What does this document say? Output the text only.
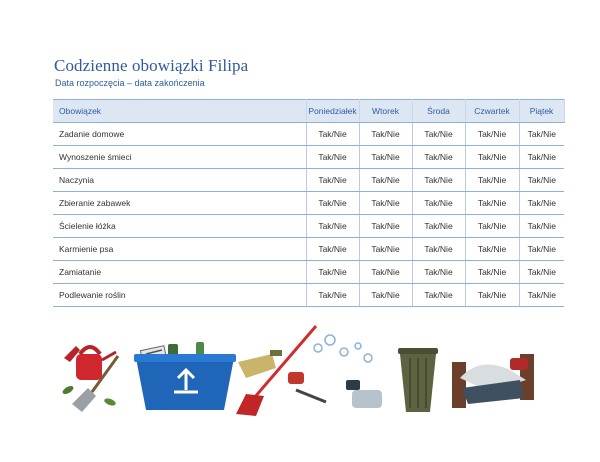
Codzienne obowiązki Filipa
Data rozpoczęcia – data zakończenia
Obowiązek	Poniedziałek	Wtorek	Środa	Czwartek	Piątek
Zadanie domowe	Tak/Nie	Tak/Nie	Tak/Nie	Tak/Nie	Tak/Nie
Wynoszenie śmieci	Tak/Nie	Tak/Nie	Tak/Nie	Tak/Nie	Tak/Nie
Naczynia	Tak/Nie	Tak/Nie	Tak/Nie	Tak/Nie	Tak/Nie
Zbieranie zabawek	Tak/Nie	Tak/Nie	Tak/Nie	Tak/Nie	Tak/Nie
Ścielenie łóżka	Tak/Nie	Tak/Nie	Tak/Nie	Tak/Nie	Tak/Nie
Karmienie psa	Tak/Nie	Tak/Nie	Tak/Nie	Tak/Nie	Tak/Nie
Zamiatanie	Tak/Nie	Tak/Nie	Tak/Nie	Tak/Nie	Tak/Nie
Podlewanie roślin	Tak/Nie	Tak/Nie	Tak/Nie	Tak/Nie	Tak/Nie
